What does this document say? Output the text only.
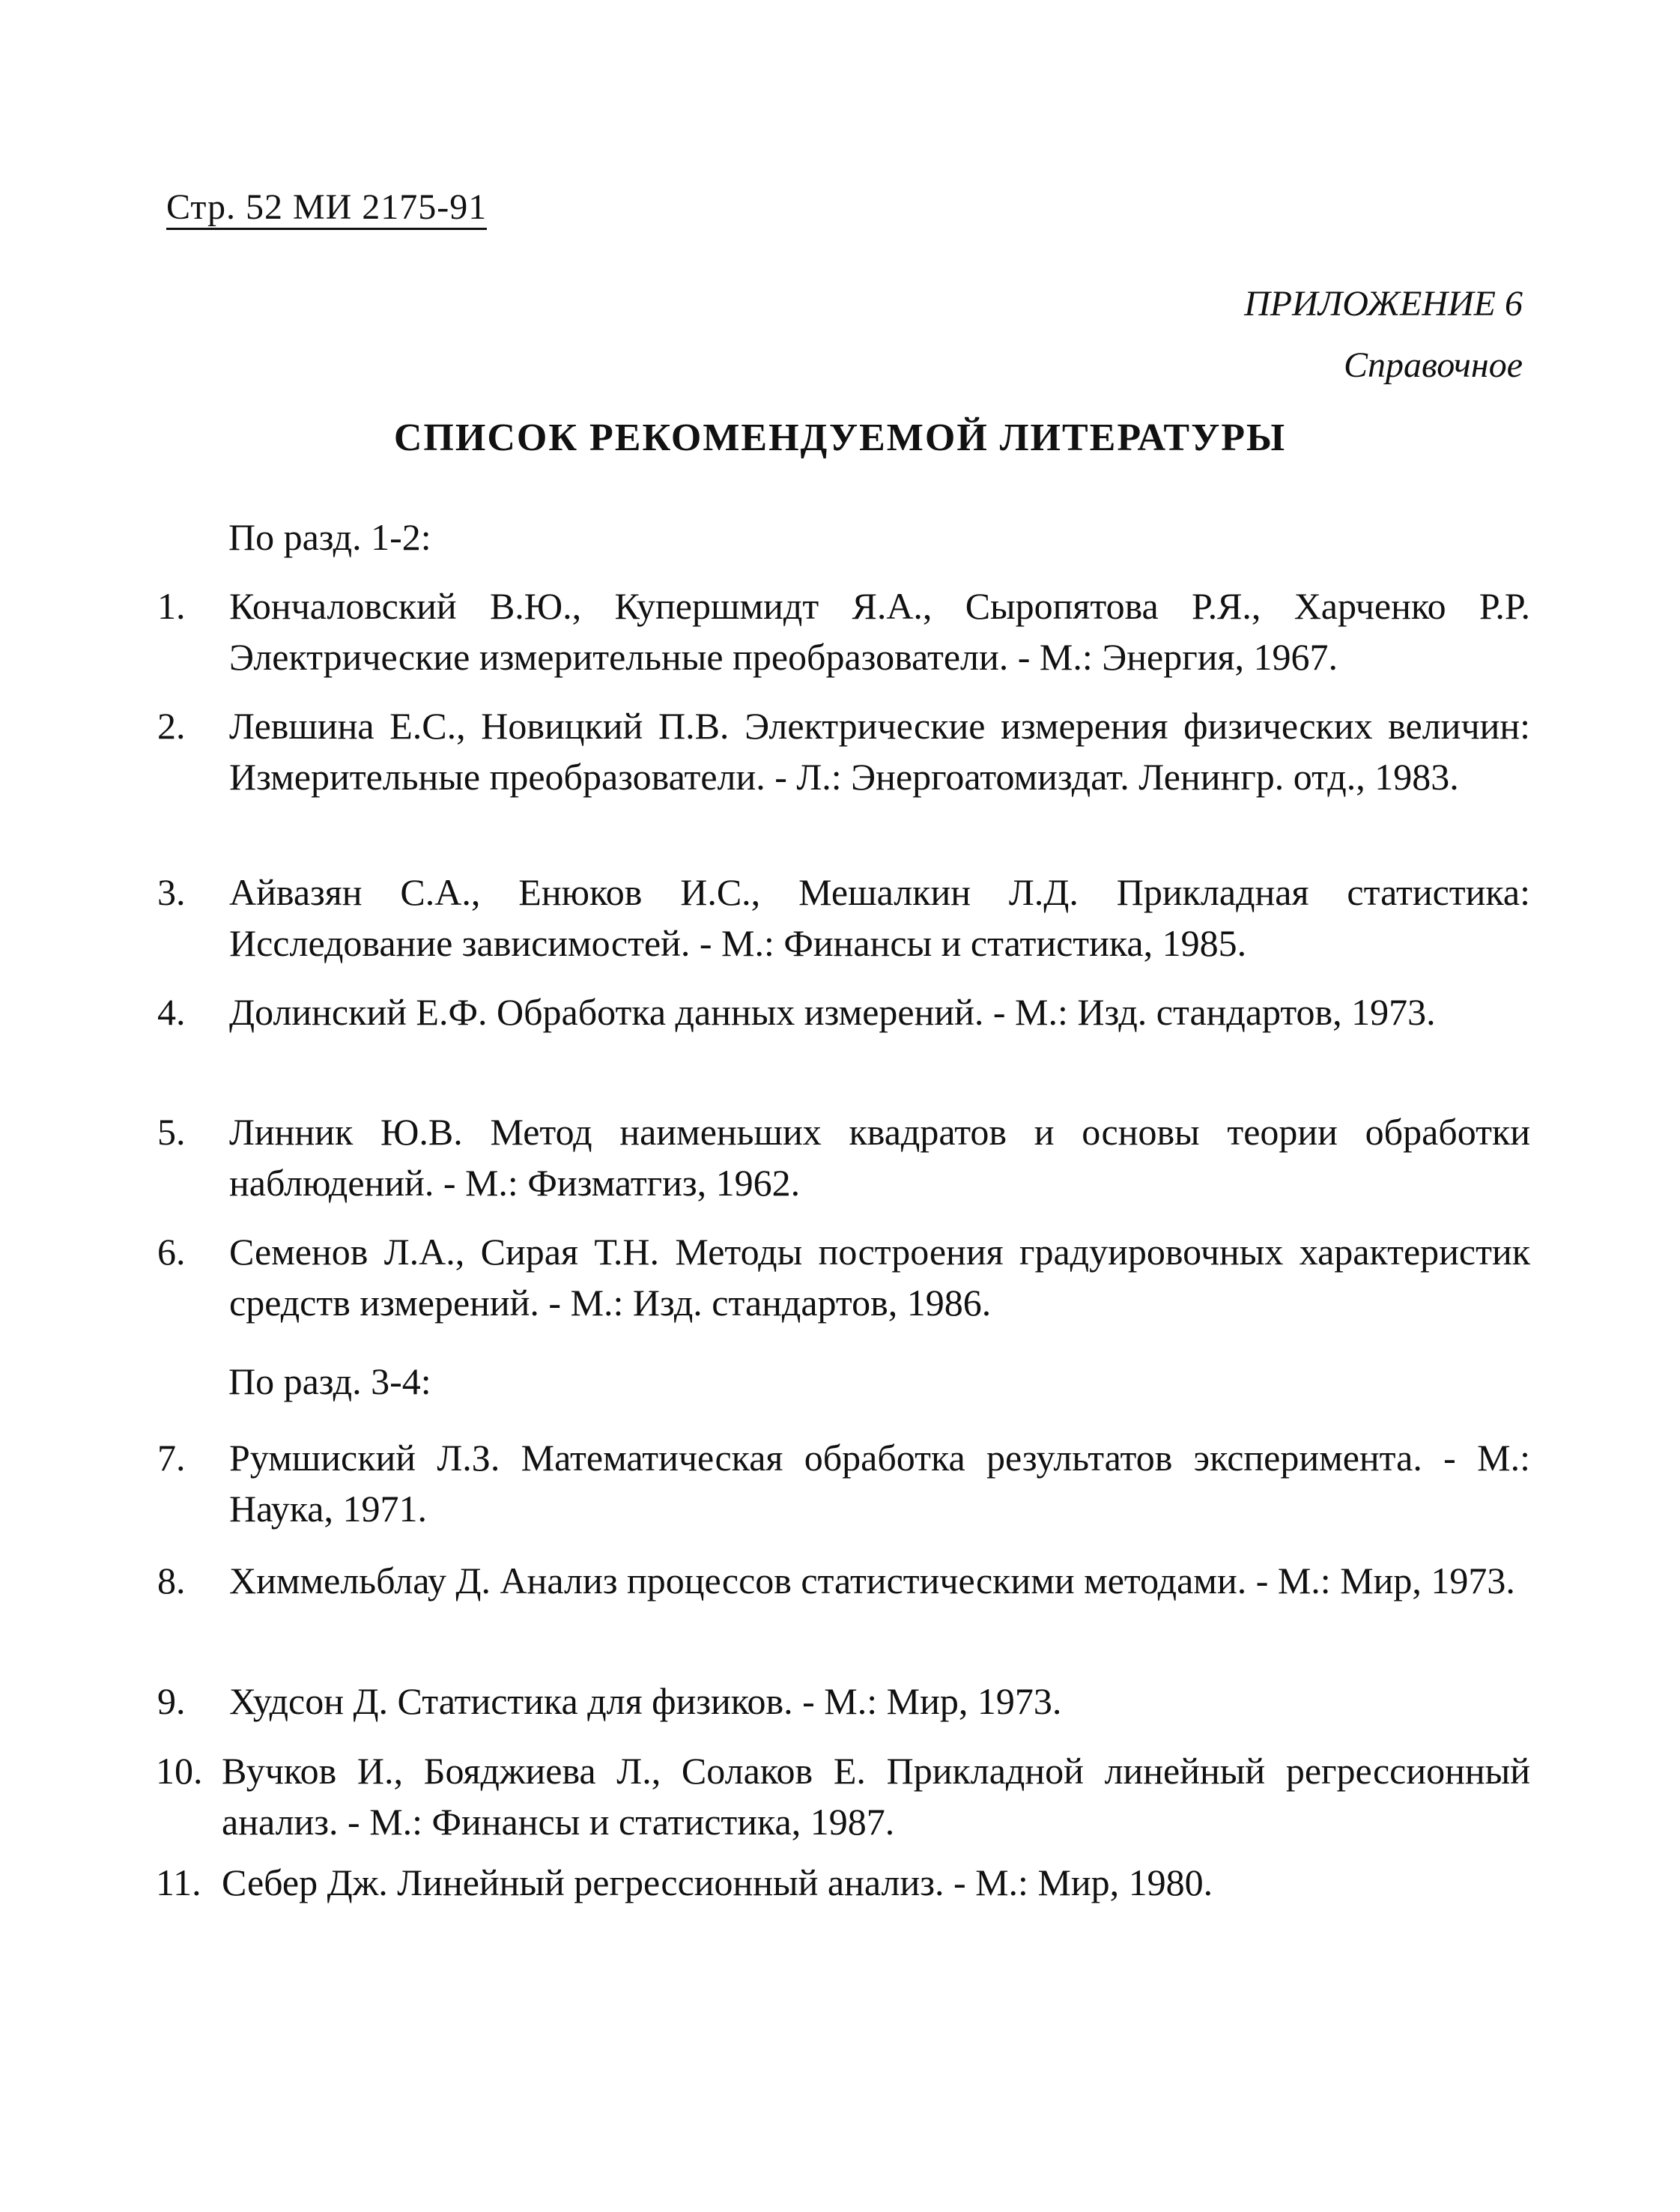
Стр. 52 МИ 2175-91
ПРИЛОЖЕНИЕ 6
Справочное
СПИСОК РЕКОМЕНДУЕМОЙ ЛИТЕРАТУРЫ
По разд. 1-2:
1. Кончаловский В.Ю., Купершмидт Я.А., Сыропятова Р.Я., Харченко Р.Р. Электрические измерительные преобразователи. - М.: Энергия, 1967.
2. Левшина Е.С., Новицкий П.В. Электрические измерения физических величин: Измерительные преобразователи. - Л.: Энергоатомиздат. Ленингр. отд., 1983.
3. Айвазян С.А., Енюков И.С., Мешалкин Л.Д. Прикладная статистика: Исследование зависимостей. - М.: Финансы и статистика, 1985.
4. Долинский Е.Ф. Обработка данных измерений. - М.: Изд. стандартов, 1973.
5. Линник Ю.В. Метод наименьших квадратов и основы теории обработки наблюдений. - М.: Физматгиз, 1962.
6. Семенов Л.А., Сирая Т.Н. Методы построения градуировочных характеристик средств измерений. - М.: Изд. стандартов, 1986.
По разд. 3-4:
7. Румшиский Л.З. Математическая обработка результатов эксперимента. - М.: Наука, 1971.
8. Химмельблау Д. Анализ процессов статистическими методами. - М.: Мир, 1973.
9. Худсон Д. Статистика для физиков. - М.: Мир, 1973.
10. Вучков И., Бояджиева Л., Солаков Е. Прикладной линейный регрессионный анализ. - М.: Финансы и статистика, 1987.
11. Себер Дж. Линейный регрессионный анализ. - М.: Мир, 1980.
